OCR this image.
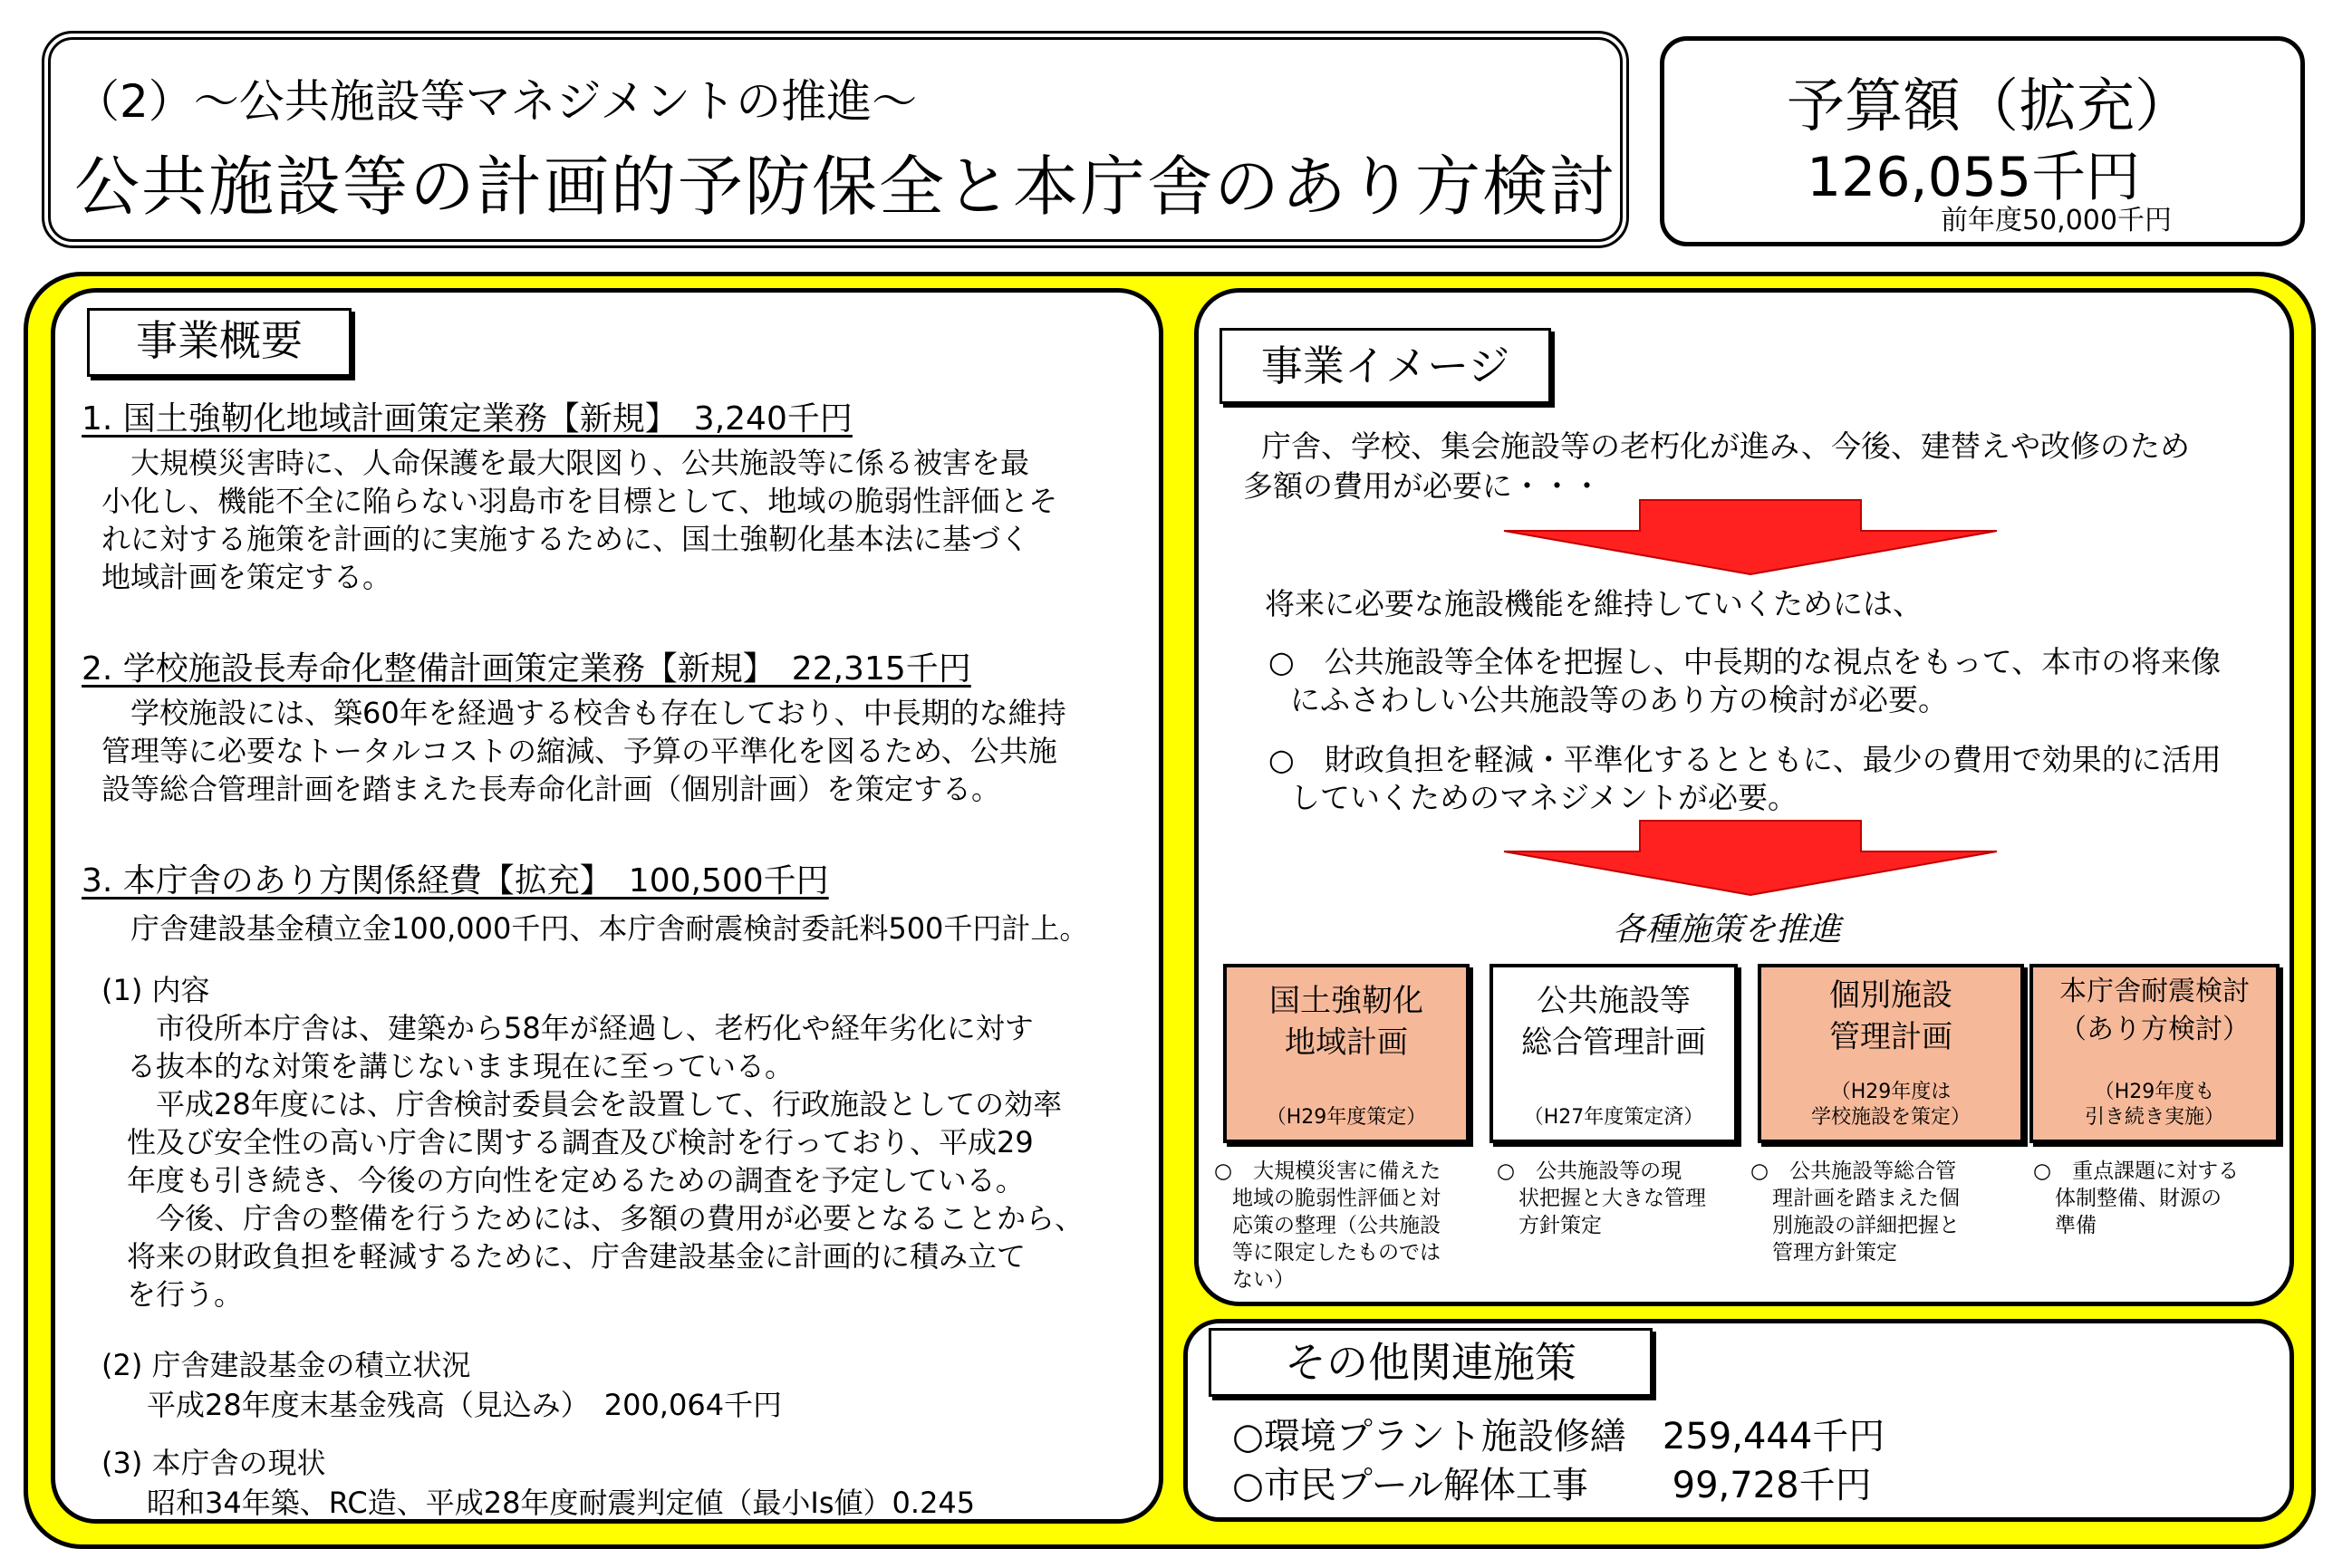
（2）～公共施設等マネジメントの推進～
公共施設等の計画的予防保全と本庁舎のあり方検討
予算額（拡充）
126,055千円
前年度50,000千円
事業概要
1. 国土強靭化地域計画策定業務【新規】　3,240千円
　大規模災害時に、人命保護を最大限図り、公共施設等に係る被害を最
小化し、機能不全に陥らない羽島市を目標として、地域の脆弱性評価とそ
れに対する施策を計画的に実施するために、国土強靭化基本法に基づく
地域計画を策定する。
2. 学校施設長寿命化整備計画策定業務【新規】　22,315千円
　学校施設には、築60年を経過する校舎も存在しており、中長期的な維持
管理等に必要なトータルコストの縮減、予算の平準化を図るため、公共施
設等総合管理計画を踏まえた長寿命化計画（個別計画）を策定する。
3. 本庁舎のあり方関係経費【拡充】　100,500千円
　庁舎建設基金積立金100,000千円、本庁舎耐震検討委託料500千円計上。
(1) 内容
　市役所本庁舎は、建築から58年が経過し、老朽化や経年劣化に対す
る抜本的な対策を講じないまま現在に至っている。
　平成28年度には、庁舎検討委員会を設置して、行政施設としての効率
性及び安全性の高い庁舎に関する調査及び検討を行っており、平成29
年度も引き続き、今後の方向性を定めるための調査を予定している。
　今後、庁舎の整備を行うためには、多額の費用が必要となることから、
将来の財政負担を軽減するために、庁舎建設基金に計画的に積み立て
を行う。
(2) 庁舎建設基金の積立状況
平成28年度末基金残高（見込み）　200,064千円
(3) 本庁舎の現状
昭和34年築、RC造、平成28年度耐震判定値（最小Is値）0.245
事業イメージ
庁舎、学校、集会施設等の老朽化が進み、今後、建替えや改修のため
多額の費用が必要に・・・
将来に必要な施設機能を維持していくためには、
○　公共施設等全体を把握し、中長期的な視点をもって、本市の将来像
にふさわしい公共施設等のあり方の検討が必要。
○　財政負担を軽減・平準化するとともに、最少の費用で効果的に活用
していくためのマネジメントが必要。
各種施策を推進
国土強靭化
地域計画
（H29年度策定）
公共施設等
総合管理計画
（H27年度策定済）
個別施設
管理計画
（H29年度は
学校施設を策定）
本庁舎耐震検討
（あり方検討）
（H29年度も
引き続き実施）
○　大規模災害に備えた
地域の脆弱性評価と対
応策の整理（公共施設
等に限定したものでは
ない）
○　公共施設等の現
状把握と大きな管理
方針策定
○　公共施設等総合管
理計画を踏まえた個
別施設の詳細把握と
管理方針策定
○　重点課題に対する
体制整備、財源の
準備
その他関連施策
○環境プラント施設修繕　259,444千円
○市民プール解体工事　　 99,728千円
